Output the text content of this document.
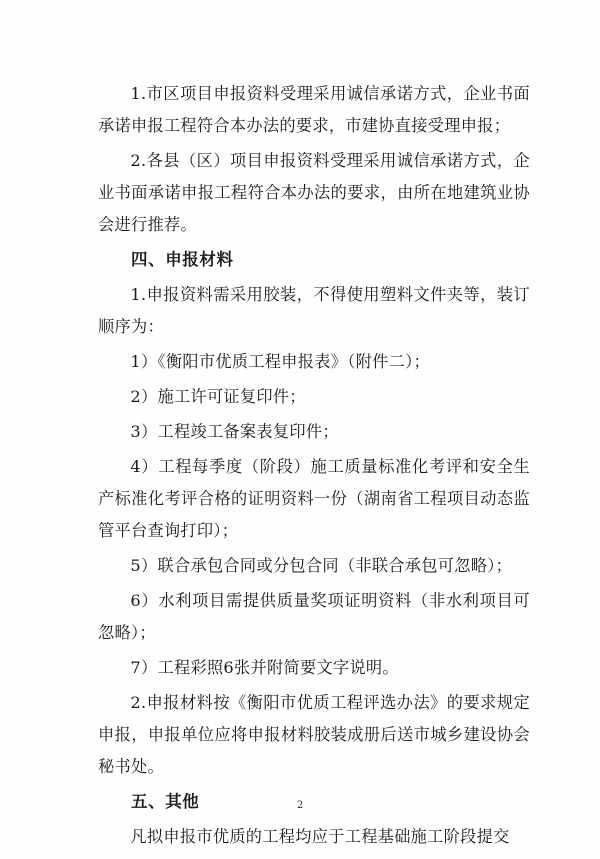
1.市区项目申报资料受理采用诚信承诺方式，企业书面承诺申报工程符合本办法的要求，市建协直接受理申报；

2.各县（区）项目申报资料受理采用诚信承诺方式，企业书面承诺申报工程符合本办法的要求，由所在地建筑业协会进行推荐。

四、申报材料

1.申报资料需采用胶装，不得使用塑料文件夹等，装订顺序为：

1）《衡阳市优质工程申报表》（附件二）；

2）施工许可证复印件；

3）工程竣工备案表复印件；

4）工程每季度（阶段）施工质量标准化考评和安全生产标准化考评合格的证明资料一份（湖南省工程项目动态监管平台查询打印）；

5）联合承包合同或分包合同（非联合承包可忽略）；

6）水利项目需提供质量奖项证明资料（非水利项目可忽略）；

7）工程彩照6张并附简要文字说明。

2.申报材料按《衡阳市优质工程评选办法》的要求规定申报，申报单位应将申报材料胶装成册后送市城乡建设协会秘书处。

五、其他

凡拟申报市优质的工程均应于工程基础施工阶段提交

2
